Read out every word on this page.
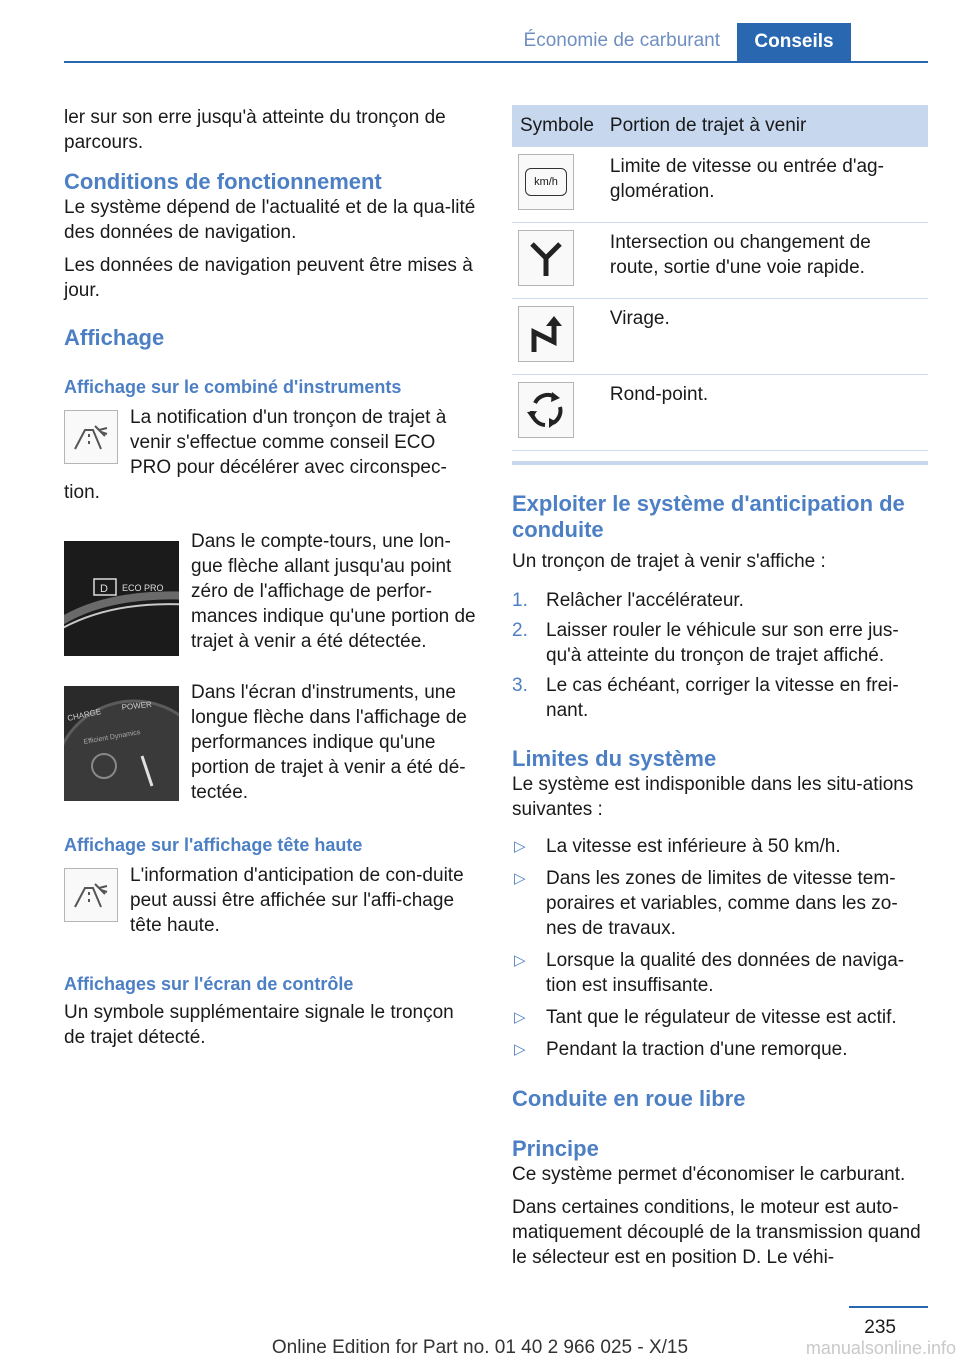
Économie de carburant	Conseils

ler sur son erre jusqu'à atteinte du tronçon de parcours.

Conditions de fonctionnement

Le système dépend de l'actualité et de la qua-lité des données de navigation.

Les données de navigation peuvent être mises à jour.

Affichage
Affichage sur le combiné d'instruments

La notification d'un tronçon de trajet à venir s'effectue comme conseil ECO PRO pour décélérer avec circonspec-tion.

D ECO PRO

Dans le compte-tours, une lon-gue flèche allant jusqu'au point zéro de l'affichage de perfor-mances indique qu'une portion de trajet à venir a été détectée.

CHARGE
POWER
Efficient Dynamics

Dans l'écran d'instruments, une longue flèche dans l'affichage de performances indique qu'une portion de trajet à venir a été dé-tectée.

Affichage sur l'affichage tête haute

L'information d'anticipation de con-duite peut aussi être affichée sur l'affi-chage tête haute.

Affichages sur l'écran de contrôle

Un symbole supplémentaire signale le tronçon de trajet détecté.

Symbole	Portion de trajet à venir

km/h	Limite de vitesse ou entrée d'ag-glomération.

	Intersection ou changement de route, sortie d'une voie rapide.

	Virage.

	Rond-point.
Exploiter le système d'anticipation de conduite

Un tronçon de trajet à venir s'affiche :

1. Relâcher l'accélérateur.
2. Laisser rouler le véhicule sur son erre jus-qu'à atteinte du tronçon de trajet affiché.
3. Le cas échéant, corriger la vitesse en frei-nant.
Limites du système

Le système est indisponible dans les situ-ations suivantes :

▷ La vitesse est inférieure à 50 km/h.
▷ Dans les zones de limites de vitesse tem-poraires et variables, comme dans les zo-nes de travaux.
▷ Lorsque la qualité des données de naviga-tion est insuffisante.
▷ Tant que le régulateur de vitesse est actif.
▷ Pendant la traction d'une remorque.
Conduite en roue libre
Principe

Ce système permet d'économiser le carburant.

Dans certaines conditions, le moteur est auto-matiquement découplé de la transmission quand le sélecteur est en position D. Le véhi-

235
Online Edition for Part no. 01 40 2 966 025 - X/15	manualsonline.info
